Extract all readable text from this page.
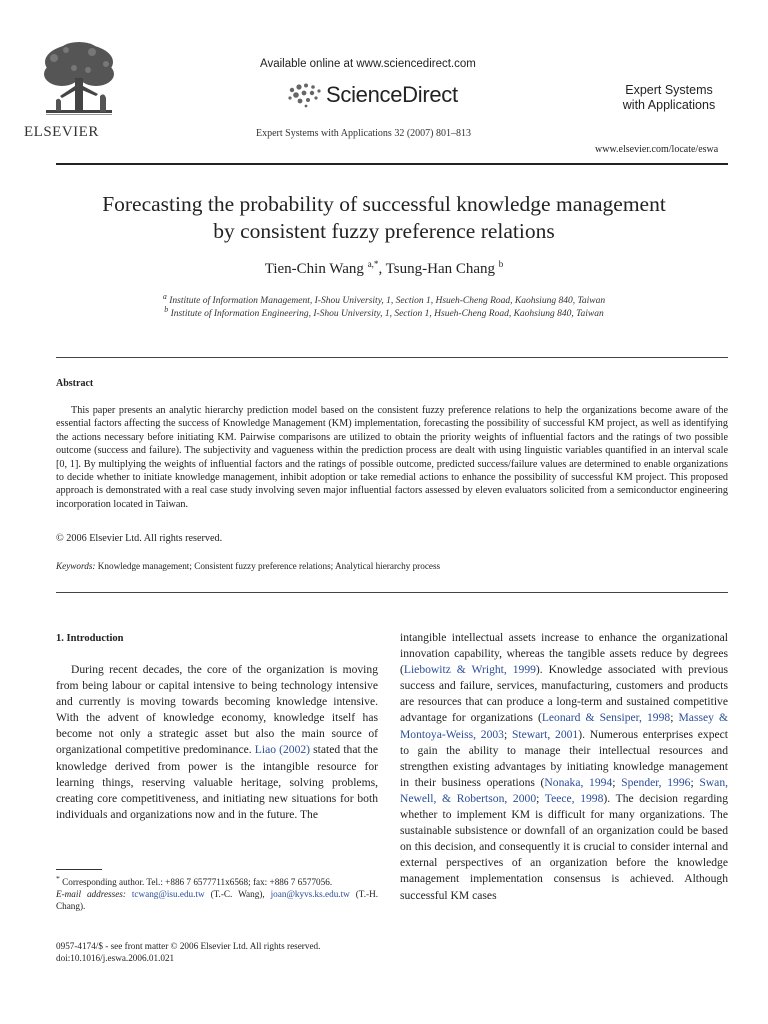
ELSEVIER
Available online at www.sciencedirect.com
ScienceDirect
Expert Systems with Applications 32 (2007) 801–813
Expert Systems
with Applications
www.elsevier.com/locate/eswa
Forecasting the probability of successful knowledge management
by consistent fuzzy preference relations
Tien-Chin Wang $^{a,*}$, Tsung-Han Chang $^b$
$^a$ Institute of Information Management, I-Shou University, 1, Section 1, Hsueh-Cheng Road, Kaohsiung 840, Taiwan
$^b$ Institute of Information Engineering, I-Shou University, 1, Section 1, Hsueh-Cheng Road, Kaohsiung 840, Taiwan
Abstract
This paper presents an analytic hierarchy prediction model based on the consistent fuzzy preference relations to help the organizations become aware of the essential factors affecting the success of Knowledge Management (KM) implementation, forecasting the possibility of successful KM project, as well as identifying the actions necessary before initiating KM. Pairwise comparisons are utilized to obtain the priority weights of influential factors and the ratings of two possible outcome (success and failure). The subjectivity and vagueness within the prediction process are dealt with using linguistic variables quantified in an interval scale [0, 1]. By multiplying the weights of influential factors and the ratings of possible outcome, predicted success/failure values are determined to enable organizations to decide whether to initiate knowledge management, inhibit adoption or take remedial actions to enhance the possibility of successful KM project. This proposed approach is demonstrated with a real case study involving seven major influential factors assessed by eleven evaluators solicited from a semiconductor engineering incorporation located in Taiwan.
© 2006 Elsevier Ltd. All rights reserved.
Keywords: Knowledge management; Consistent fuzzy preference relations; Analytical hierarchy process
1. Introduction
During recent decades, the core of the organization is moving from being labour or capital intensive to being technology intensive and currently is moving towards becoming knowledge intensive. With the advent of knowledge economy, knowledge itself has become not only a strategic asset but also the main source of organizational competitive predominance. Liao (2002) stated that the knowledge derived from power is the intangible resource for learning things, reserving valuable heritage, solving problems, creating core competitiveness, and initiating new situations for both individuals and organizations now and in the future. The
intangible intellectual assets increase to enhance the organizational innovation capability, whereas the tangible assets reduce by degrees (Liebowitz & Wright, 1999). Knowledge associated with previous success and failure, services, manufacturing, customers and products are resources that can produce a long-term and sustained competitive advantage for organizations (Leonard & Sensiper, 1998; Massey & Montoya-Weiss, 2003; Stewart, 2001). Numerous enterprises expect to gain the ability to manage their intellectual resources and strengthen existing advantages by initiating knowledge management in their business operations (Nonaka, 1994; Spender, 1996; Swan, Newell, & Robertson, 2000; Teece, 1998). The decision regarding whether to implement KM is difficult for many organizations. The sustainable subsistence or downfall of an organization could be based on this decision, and consequently it is crucial to consider internal and external perspectives of an organization before the knowledge management implementation consensus is achieved. Although successful KM cases
* Corresponding author. Tel.: +886 7 6577711x6568; fax: +886 7 6577056.
E-mail addresses: tcwang@isu.edu.tw (T.-C. Wang), joan@kyvs.ks.edu.tw (T.-H. Chang).
0957-4174/$ - see front matter © 2006 Elsevier Ltd. All rights reserved.
doi:10.1016/j.eswa.2006.01.021
